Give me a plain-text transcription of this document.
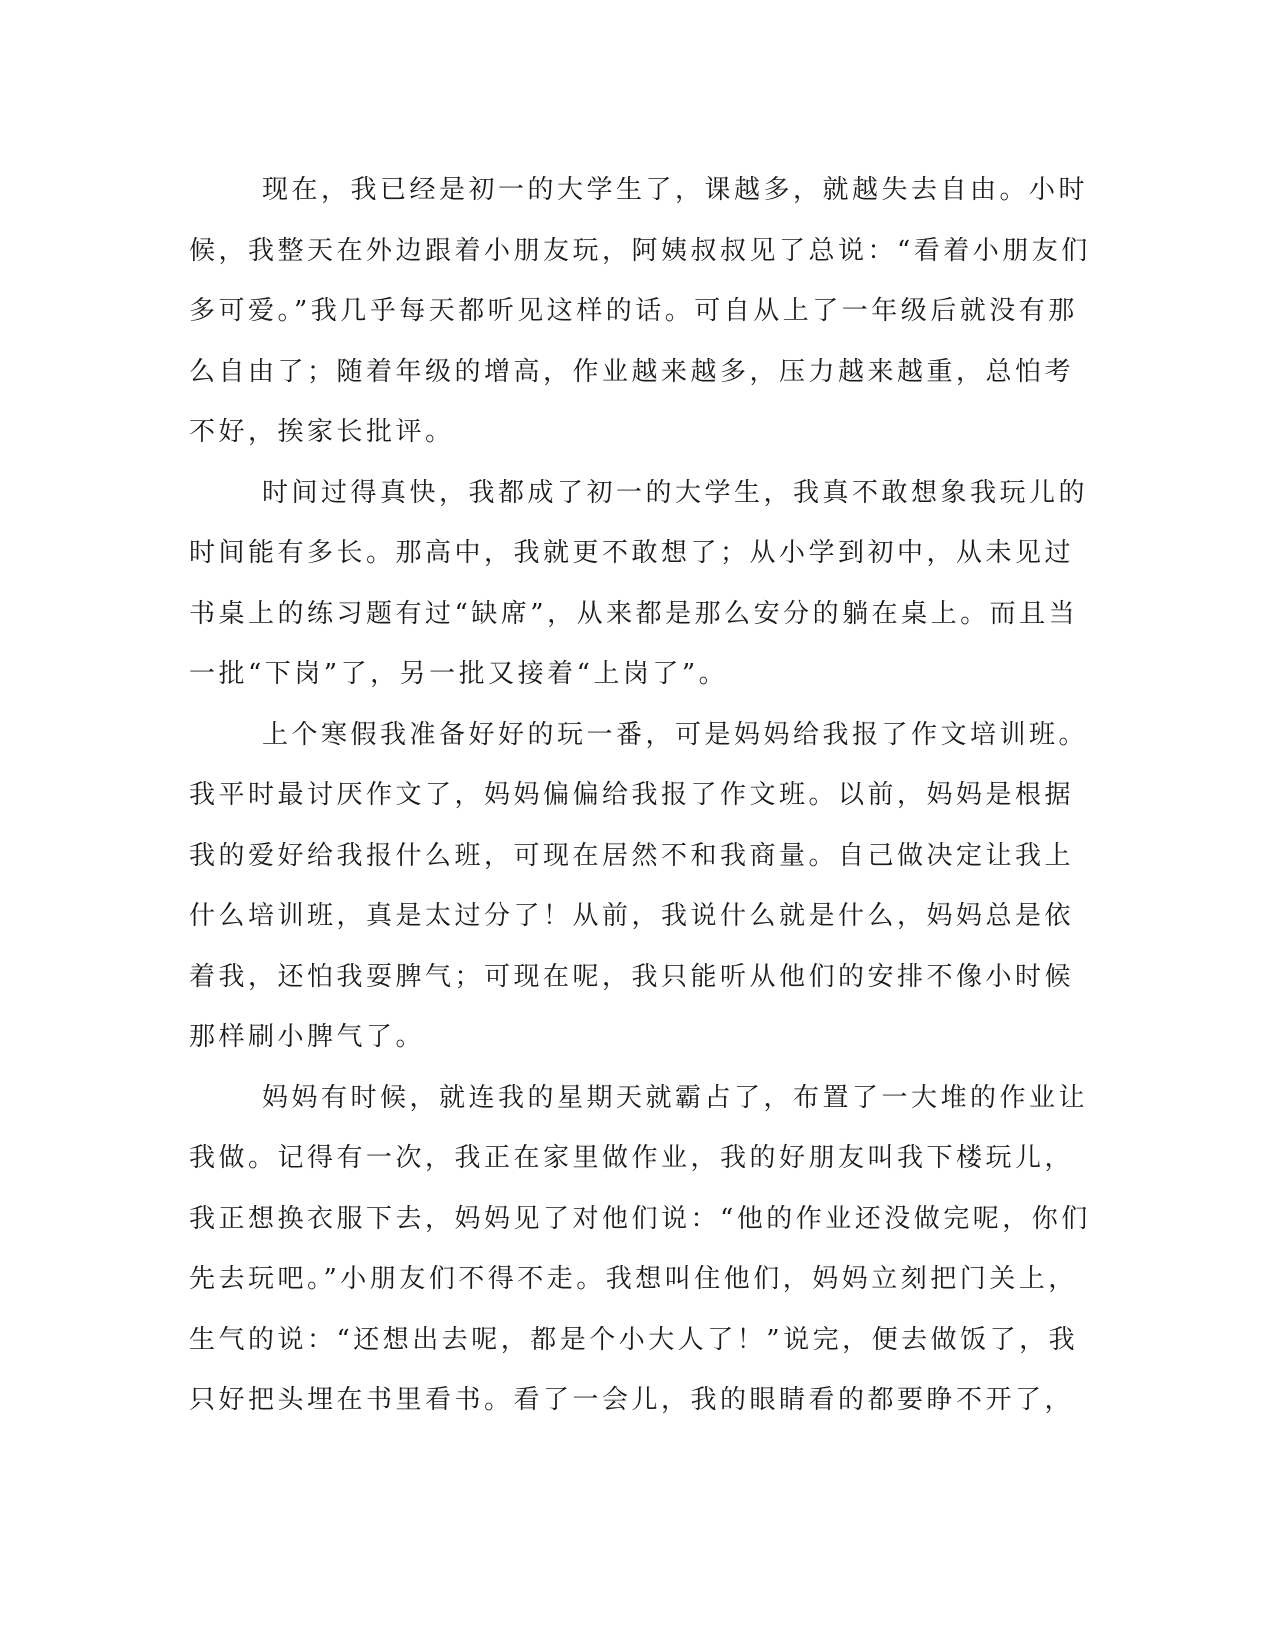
现在，我已经是初一的大学生了，课越多，就越失去自由。小时
候，我整天在外边跟着小朋友玩，阿姨叔叔见了总说：“看着小朋友们
多可爱。”我几乎每天都听见这样的话。可自从上了一年级后就没有那
么自由了；随着年级的增高，作业越来越多，压力越来越重，总怕考
不好，挨家长批评。
时间过得真快，我都成了初一的大学生，我真不敢想象我玩儿的
时间能有多长。那高中，我就更不敢想了；从小学到初中，从未见过
书桌上的练习题有过“缺席”，从来都是那么安分的躺在桌上。而且当
一批“下岗”了，另一批又接着“上岗了”。
上个寒假我准备好好的玩一番，可是妈妈给我报了作文培训班。
我平时最讨厌作文了，妈妈偏偏给我报了作文班。以前，妈妈是根据
我的爱好给我报什么班，可现在居然不和我商量。自己做决定让我上
什么培训班，真是太过分了！从前，我说什么就是什么，妈妈总是依
着我，还怕我耍脾气；可现在呢，我只能听从他们的安排不像小时候
那样刷小脾气了。
妈妈有时候，就连我的星期天就霸占了，布置了一大堆的作业让
我做。记得有一次，我正在家里做作业，我的好朋友叫我下楼玩儿，
我正想换衣服下去，妈妈见了对他们说：“他的作业还没做完呢，你们
先去玩吧。”小朋友们不得不走。我想叫住他们，妈妈立刻把门关上，
生气的说：“还想出去呢，都是个小大人了！”说完，便去做饭了，我
只好把头埋在书里看书。看了一会儿，我的眼睛看的都要睁不开了，
